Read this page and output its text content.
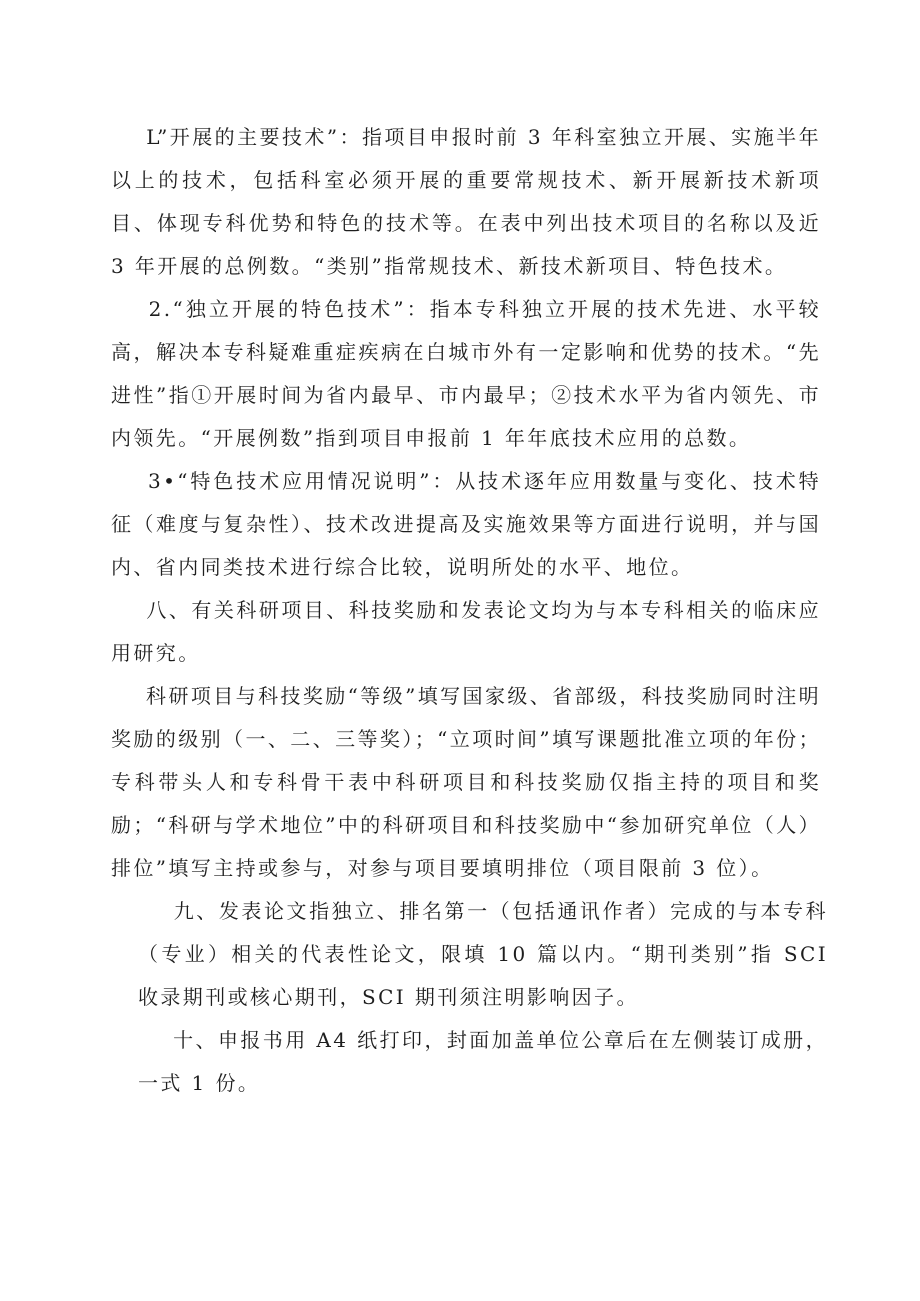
L”开展的主要技术”：指项目申报时前 3 年科室独立开展、实施半年以上的技术，包括科室必须开展的重要常规技术、新开展新技术新项目、体现专科优势和特色的技术等。在表中列出技术项目的名称以及近 3 年开展的总例数。“类别”指常规技术、新技术新项目、特色技术。

2.“独立开展的特色技术”：指本专科独立开展的技术先进、水平较高，解决本专科疑难重症疾病在白城市外有一定影响和优势的技术。“先进性”指①开展时间为省内最早、市内最早；②技术水平为省内领先、市内领先。“开展例数”指到项目申报前 1 年年底技术应用的总数。

3•“特色技术应用情况说明”：从技术逐年应用数量与变化、技术特征（难度与复杂性）、技术改进提高及实施效果等方面进行说明，并与国内、省内同类技术进行综合比较，说明所处的水平、地位。

八、有关科研项目、科技奖励和发表论文均为与本专科相关的临床应用研究。

科研项目与科技奖励“等级”填写国家级、省部级，科技奖励同时注明奖励的级别（一、二、三等奖）；“立项时间”填写课题批准立项的年份；专科带头人和专科骨干表中科研项目和科技奖励仅指主持的项目和奖励；“科研与学术地位”中的科研项目和科技奖励中“参加研究单位（人）排位”填写主持或参与，对参与项目要填明排位（项目限前 3 位）。

九、发表论文指独立、排名第一（包括通讯作者）完成的与本专科（专业）相关的代表性论文，限填 10 篇以内。“期刊类别”指 SCI 收录期刊或核心期刊，SCI 期刊须注明影响因子。

十、申报书用 A4 纸打印，封面加盖单位公章后在左侧装订成册，一式 1 份。
